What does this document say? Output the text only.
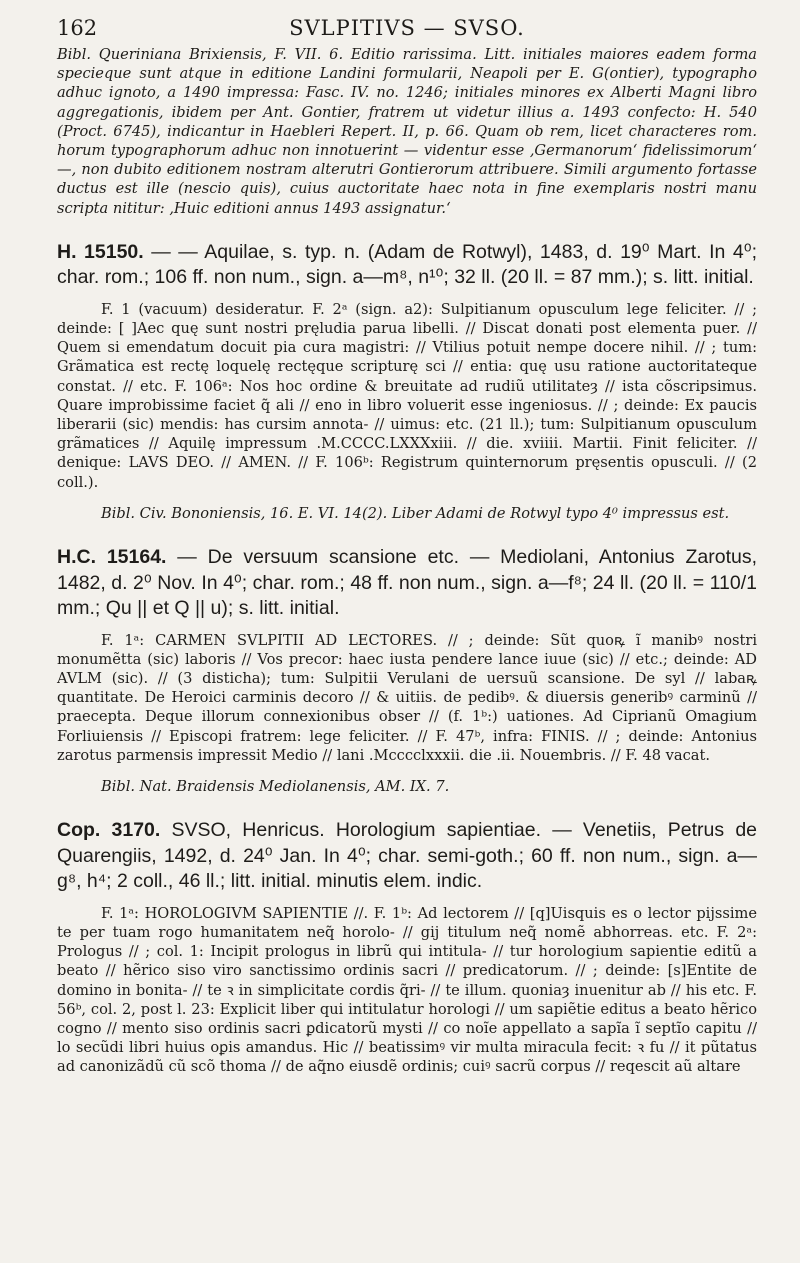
162	SVLPITIVS — SVSO.

Bibl. Queriniana Brixiensis, F. VII. 6. Editio rarissima. Litt. initiales maiores eadem forma specieque sunt atque in editione Landini formularii, Neapoli per E. G(ontier), typographo adhuc ignoto, a 1490 impressa: Fasc. IV. no. 1246; initiales minores ex Alberti Magni libro aggregationis, ibidem per Ant. Gontier, fratrem ut videtur illius a. 1493 confecto: H. 540 (Proct. 6745), indicantur in Haebleri Repert. II, p. 66. Quam ob rem, licet characteres rom. horum typographorum adhuc non innotuerint — videntur esse ‚Germanorum‘ fidelissimorum‘ —, non dubito editionem nostram alterutri Gontierorum attribuere. Simili argumento fortasse ductus est ille (nescio quis), cuius auctoritate haec nota in fine exemplaris nostri manu scripta nititur: ‚Huic editioni annus 1493 assignatur.‘

H. 15150. — — Aquilae, s. typ. n. (Adam de Rotwyl), 1483, d. 19⁰ Mart. In 4⁰; char. rom.; 106 ff. non num., sign. a—m⁸, n¹⁰; 32 ll. (20 ll. = 87 mm.); s. litt. initial.

F. 1 (vacuum) desideratur. F. 2ᵃ (sign. a2): Sulpitianum opusculum lege feliciter. // ; deinde: [ ]Aec quę sunt nostri pręludia parua libelli. // Discat donati post elementa puer. // Quem si emendatum docuit pia cura magistri: // Vtilius potuit nempe docere nihil. // ; tum: Grãmatica est rectę loquelę rectęque scripturę sci // entia: quę usu ratione auctoritateque constat. // etc. F. 106ᵃ: Nos hoc ordine & breuitate ad rudiũ utilitateȝ // ista cõscripsimus. Quare improbissime faciet q̃ ali // eno in libro voluerit esse ingeniosus. // ; deinde: Ex paucis liberarii (sic) mendis: has cursim annota- // uimus: etc. (21 ll.); tum: Sulpitianum opusculum grãmatices // Aquilę impressum .M.CCCC.LXXXxiii. // die. xviiii. Martii. Finit feliciter. // denique: LAVS DEO. // AMEN. // F. 106ᵇ: Registrum quinternorum pręsentis opusculi. // (2 coll.).

Bibl. Civ. Bononiensis, 16. E. VI. 14(2). Liber Adami de Rotwyl typo 4⁰ impressus est.

H.C. 15164. — De versuum scansione etc. — Mediolani, Antonius Zarotus, 1482, d. 2⁰ Nov. In 4⁰; char. rom.; 48 ff. non num., sign. a—f⁸; 24 ll. (20 ll. = 110/1 mm.; Qu || et Q || u); s. litt. initial.

F. 1ᵃ: CARMEN SVLPITII AD LECTORES. // ; deinde: Sũt quoꝶ ĩ manibꝰ nostri monumẽtta (sic) laboris // Vos precor: haec iusta pendere lance iuue (sic) // etc.; deinde: AD AVLM (sic). // (3 disticha); tum: Sulpitii Verulani de uersuũ scansione. De syl // labaꝶ quantitate. De Heroici carminis decoro // & uitiis. de pedibꝰ. & diuersis generibꝰ carminũ // praecepta. Deque illorum connexionibus obser // (f. 1ᵇ:) uationes. Ad Ciprianũ Omagium Forliuiensis // Episcopi fratrem: lege feliciter. // F. 47ᵇ, infra: FINIS. // ; deinde: Antonius zarotus parmensis impressit Medio // lani .Mcccclxxxii. die .ii. Nouembris. // F. 48 vacat.

Bibl. Nat. Braidensis Mediolanensis, AM. IX. 7.

Cop. 3170. SVSO, Henricus. Horologium sapientiae. — Venetiis, Petrus de Quarengiis, 1492, d. 24⁰ Jan. In 4⁰; char. semi-goth.; 60 ff. non num., sign. a—g⁸, h⁴; 2 coll., 46 ll.; litt. initial. minutis elem. indic.

F. 1ᵃ: HOROLOGIVM SAPIENTIE //. F. 1ᵇ: Ad lectorem // [q]Uisquis es o lector pijssime te per tuam rogo humanitatem neq̃ horolo- // gij titulum neq̃ nomẽ abhorreas. etc. F. 2ᵃ: Prologus // ; col. 1: Incipit prologus in librũ qui intitula- // tur horologium sapientie editũ a beato // hẽrico siso viro sanctissimo ordinis sacri // predicatorum. // ; deinde: [s]Entite de domino in bonita- // te ꝛ in simplicitate cordis q̃ri- // te illum. quoniaȝ inuenitur ab // his etc. F. 56ᵇ, col. 2, post l. 23: Explicit liber qui intitulatur horologi // um sapiẽtie editus a beato hẽrico cogno // mento siso ordinis sacri ꝑdicatorũ mysti // co noĩe appellato a sapĩa ĩ septĩo capitu // lo secũdi libri huius oꝑis amandus. Hic // beatissimꝰ vir multa miracula fecit: ꝛ fu // it pũtatus ad canonizãdũ cũ scõ thoma // de aq̃no eiusdẽ ordinis; cuiꝰ sacrũ corpus // reqescit aũ altare
